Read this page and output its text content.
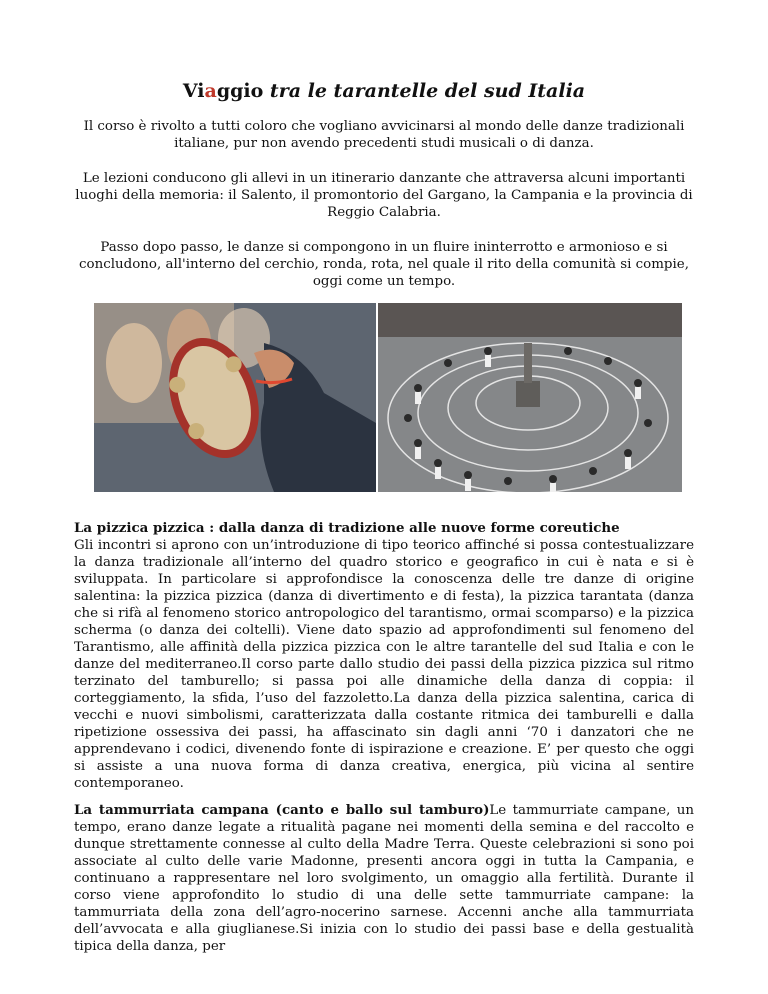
Viaggio tra le tarantelle del sud Italia

Il corso è rivolto a tutti coloro che vogliano avvicinarsi al mondo delle danze tradizionali italiane, pur non avendo precedenti studi musicali o di danza.

Le lezioni conducono gli allevi in un itinerario danzante che attraversa alcuni importanti luoghi della memoria: il Salento, il promontorio del Gargano, la Campania e la provincia di Reggio Calabria.

Passo dopo passo, le danze si compongono in un fluire ininterrotto e armonioso e si concludono, all'interno del cerchio, ronda, rota, nel quale il rito della comunità si compie, oggi come un tempo.

La pizzica pizzica : dalla danza di tradizione alle nuove forme coreutiche
Gli incontri si aprono con un’introduzione di tipo teorico affinché si possa contestualizzare la danza tradizionale all’interno del quadro storico e geografico in cui è nata e si è sviluppata. In particolare si approfondisce la conoscenza delle tre danze di origine salentina: la pizzica pizzica (danza di divertimento e di festa), la pizzica tarantata (danza che si rifà al fenomeno storico antropologico del tarantismo, ormai scomparso) e la pizzica scherma (o danza dei coltelli). Viene dato spazio ad approfondimenti sul fenomeno del Tarantismo, alle affinità della pizzica pizzica con le altre tarantelle del sud Italia e con le danze del mediterraneo.Il corso parte dallo studio dei passi della pizzica pizzica sul ritmo terzinato del tamburello; si passa poi alle dinamiche della danza di coppia: il corteggiamento, la sfida, l’uso del fazzoletto.La danza della pizzica salentina, carica di vecchi e nuovi simbolismi, caratterizzata dalla costante ritmica dei tamburelli e dalla ripetizione ossessiva dei passi, ha affascinato sin dagli anni ‘70 i danzatori che ne apprendevano i codici, divenendo fonte di ispirazione e creazione. E’ per questo che oggi si assiste a una nuova forma di danza creativa, energica, più vicina al sentire contemporaneo.

La tammurriata campana (canto e ballo sul tamburo)Le tammurriate campane, un tempo, erano danze legate a ritualità pagane nei momenti della semina e del raccolto e dunque strettamente connesse al culto della Madre Terra. Queste celebrazioni si sono poi associate al culto delle varie Madonne, presenti ancora oggi in tutta la Campania, e continuano a rappresentare nel loro svolgimento, un omaggio alla fertilità. Durante il corso viene approfondito lo studio di una delle sette tammurriate campane: la tammurriata della zona dell’agro-nocerino sarnese. Accenni anche alla tammurriata dell’avvocata e alla giuglianese.Si inizia con lo studio dei passi base e della gestualità tipica della danza, per
